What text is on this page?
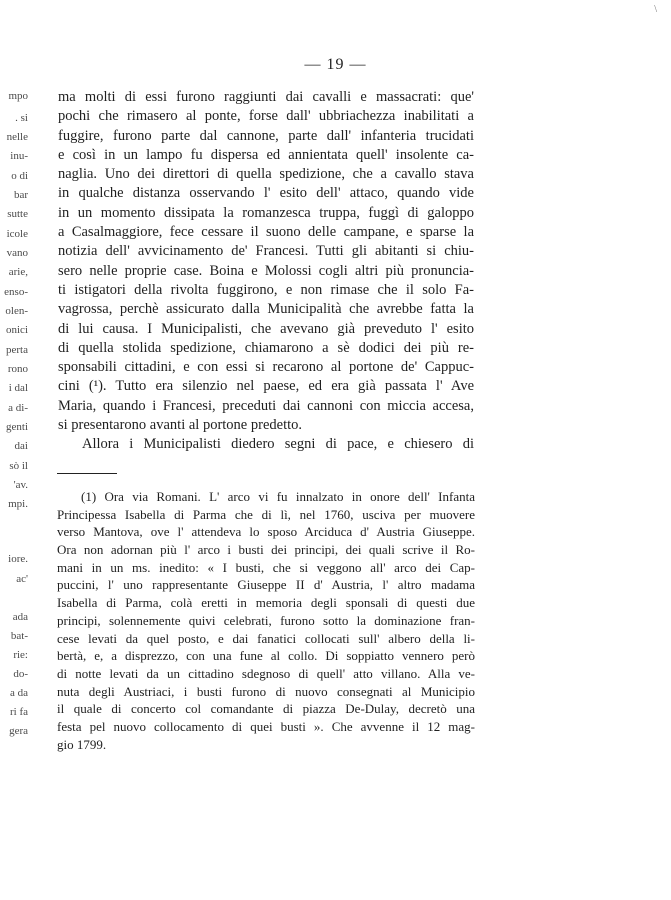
\
— 19 —
mpo
. si
nelle
inu-
o di
bar
sutte
icole
vano
arie,
enso-
olen-
onici
perta
rono
i dal
a di-
genti
dai
sò il
'av.
mpi.
iore.
ac'
ada
bat-
rie:
do-
a da
ri fa
gera
ma molti di essi furono raggiunti dai cavalli e massacrati: que'
pochi che rimasero al ponte, forse dall' ubbriachezza inabilitati a
fuggire, furono parte dal cannone, parte dall' infanteria trucidati
e così in un lampo fu dispersa ed annientata quell' insolente ca-
naglia. Uno dei direttori di quella spedizione, che a cavallo stava
in qualche distanza osservando l' esito dell' attaco, quando vide
in un momento dissipata la romanzesca truppa, fuggì di galoppo
a Casalmaggiore, fece cessare il suono delle campane, e sparse la
notizia dell' avvicinamento de' Francesi. Tutti gli abitanti si chiu-
sero nelle proprie case. Boina e Molossi cogli altri più pronuncia-
ti istigatori della rivolta fuggirono, e non rimase che il solo Fa-
vagrossa, perchè assicurato dalla Municipalità che avrebbe fatta la
di lui causa. I Municipalisti, che avevano già preveduto l' esito
di quella stolida spedizione, chiamarono a sè dodici dei più re-
sponsabili cittadini, e con essi si recarono al portone de' Cappuc-
cini (¹). Tutto era silenzio nel paese, ed era già passata l' Ave
Maria, quando i Francesi, preceduti dai cannoni con miccia accesa,
si presentarono avanti al portone predetto.
Allora i Municipalisti diedero segni di pace, e chiesero di
(1) Ora via Romani. L' arco vi fu innalzato in onore dell' Infanta
Principessa Isabella di Parma che di lì, nel 1760, usciva per muovere
verso Mantova, ove l' attendeva lo sposo Arciduca d' Austria Giuseppe.
Ora non adornan più l' arco i busti dei principi, dei quali scrive il Ro-
mani in un ms. inedito: « I busti, che si veggono all' arco dei Cap-
puccini, l' uno rappresentante Giuseppe II d' Austria, l' altro madama
Isabella di Parma, colà eretti in memoria degli sponsali di questi due
principi, solennemente quivi celebrati, furono sotto la dominazione fran-
cese levati da quel posto, e dai fanatici collocati sull' albero della li-
bertà, e, a disprezzo, con una fune al collo. Di soppiatto vennero però
di notte levati da un cittadino sdegnoso di quell' atto villano. Alla ve-
nuta degli Austriaci, i busti furono di nuovo consegnati al Municipio
il quale di concerto col comandante di piazza De-Dulay, decretò una
festa pel nuovo collocamento di quei busti ». Che avvenne il 12 mag-
gio 1799.
